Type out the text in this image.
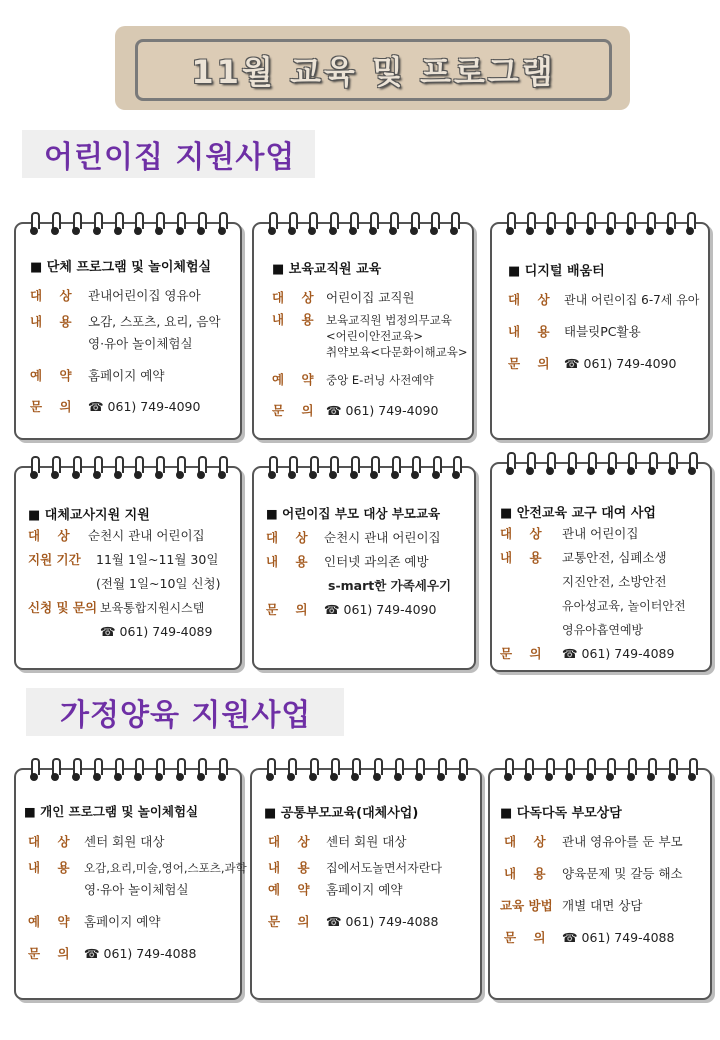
11월 교육 및 프로그램
어린이집 지원사업
■ 단체 프로그램 및 놀이체험실
대    상 관내어린이집 영유아
내    용 오감, 스포츠, 요리, 음악
영·유아 놀이체험실
예    약 홈페이지 예약
문    의 ☎ 061) 749-4090
■ 보육교직원 교육
대    상 어린이집 교직원
내    용 보육교직원 법정의무교육
<어린이안전교육>
취약보육<다문화이해교육>
예    약 중앙 E-러닝 사전예약
문    의 ☎ 061) 749-4090
■ 디지털 배움터
대    상 관내 어린이집 6-7세 유아
내    용 태블릿PC활용
문    의 ☎ 061) 749-4090
■ 대체교사지원 지원
대    상 순천시 관내 어린이집
지원 기간 11월 1일~11월 30일
(전월 1일~10일 신청)
신청 및 문의 보육통합지원시스템
☎ 061) 749-4089
■ 어린이집 부모 대상 부모교육
대    상 순천시 관내 어린이집
내    용 인터넷 과의존 예방
s-mart한 가족세우기
문    의 ☎ 061) 749-4090
■ 안전교육 교구 대여 사업
대    상 관내 어린이집
내    용 교통안전, 심폐소생
지진안전, 소방안전
유아성교육, 놀이터안전
영유아흡연예방
문    의 ☎ 061) 749-4089
가정양육 지원사업
■ 개인 프로그램 및 놀이체험실
대    상 센터 회원 대상
내    용 오감,요리,미술,영어,스포츠,과학
영·유아 놀이체험실
예    약 홈페이지 예약
문    의 ☎ 061) 749-4088
■ 공통부모교육(대체사업)
대    상 센터 회원 대상
내    용 집에서도놀면서자란다
예    약 홈페이지 예약
문    의 ☎ 061) 749-4088
■ 다독다독 부모상담
대    상 관내 영유아를 둔 부모
내    용 양육문제 및 갈등 해소
교육 방법 개별 대면 상담
문    의 ☎ 061) 749-4088
